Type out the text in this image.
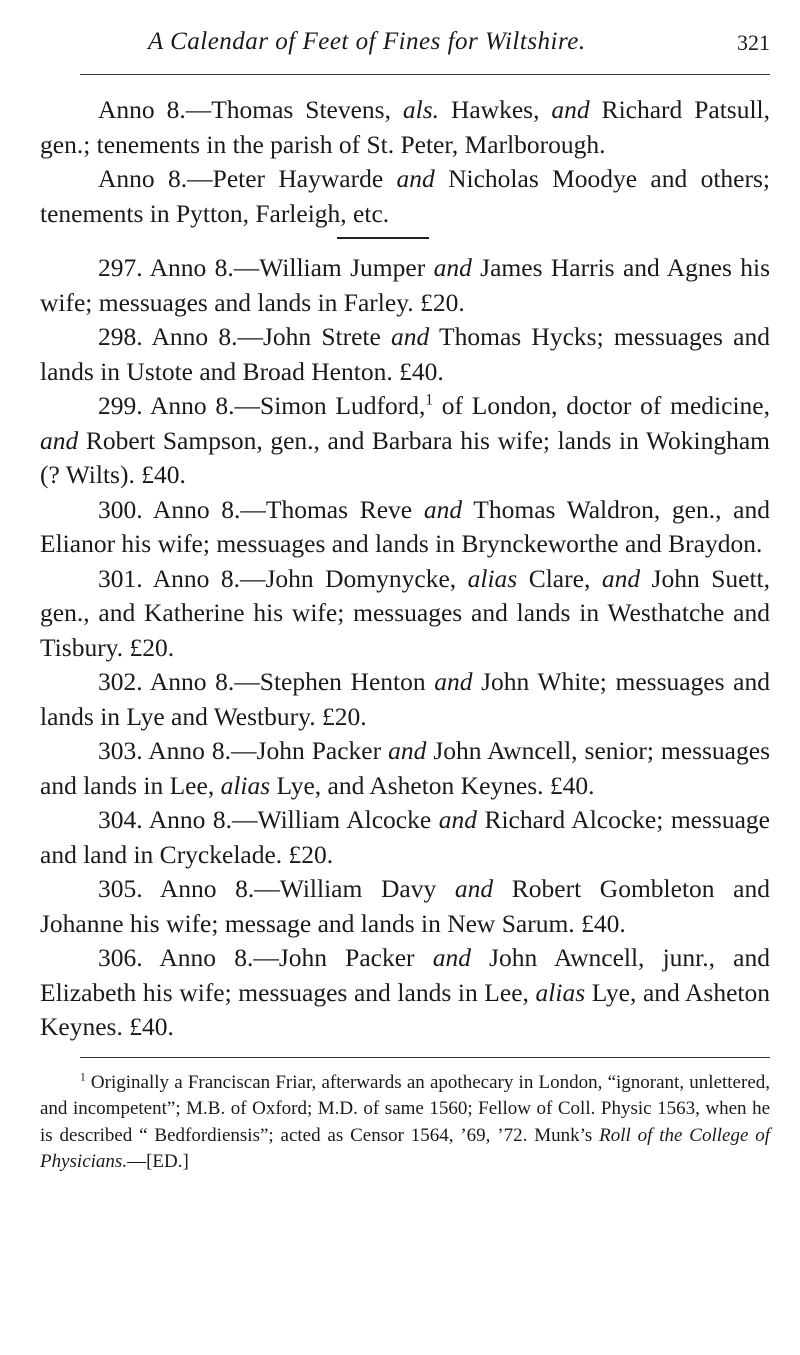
A Calendar of Feet of Fines for Wiltshire.	321

Anno 8.—Thomas Stevens, als. Hawkes, and Richard Patsull, gen.; tenements in the parish of St. Peter, Marlborough.

Anno 8.—Peter Haywarde and Nicholas Moodye and others; tenements in Pytton, Farleigh, etc.

297. Anno 8.—William Jumper and James Harris and Agnes his wife; messuages and lands in Farley. £20.

298. Anno 8.—John Strete and Thomas Hycks; messuages and lands in Ustote and Broad Henton. £40.

299. Anno 8.—Simon Ludford,$^1$ of London, doctor of medicine, and Robert Sampson, gen., and Barbara his wife; lands in Wokingham (? Wilts). £40.

300. Anno 8.—Thomas Reve and Thomas Waldron, gen., and Elianor his wife; messuages and lands in Brynckeworthe and Braydon.

301. Anno 8.—John Domynycke, alias Clare, and John Suett, gen., and Katherine his wife; messuages and lands in Westhatche and Tisbury. £20.

302. Anno 8.—Stephen Henton and John White; messuages and lands in Lye and Westbury. £20.

303. Anno 8.—John Packer and John Awncell, senior; messuages and lands in Lee, alias Lye, and Asheton Keynes. £40.

304. Anno 8.—William Alcocke and Richard Alcocke; messuage and land in Cryckelade. £20.

305. Anno 8.—William Davy and Robert Gombleton and Johanne his wife; message and lands in New Sarum. £40.

306. Anno 8.—John Packer and John Awncell, junr., and Elizabeth his wife; messuages and lands in Lee, alias Lye, and Asheton Keynes. £40.

$^1$ Originally a Franciscan Friar, afterwards an apothecary in London, “ignorant, unlettered, and incompetent”; M.B. of Oxford; M.D. of same 1560; Fellow of Coll. Physic 1563, when he is described “ Bedfordiensis”; acted as Censor 1564, ’69, ’72. Munk’s Roll of the College of Physicians.—[ED.]
